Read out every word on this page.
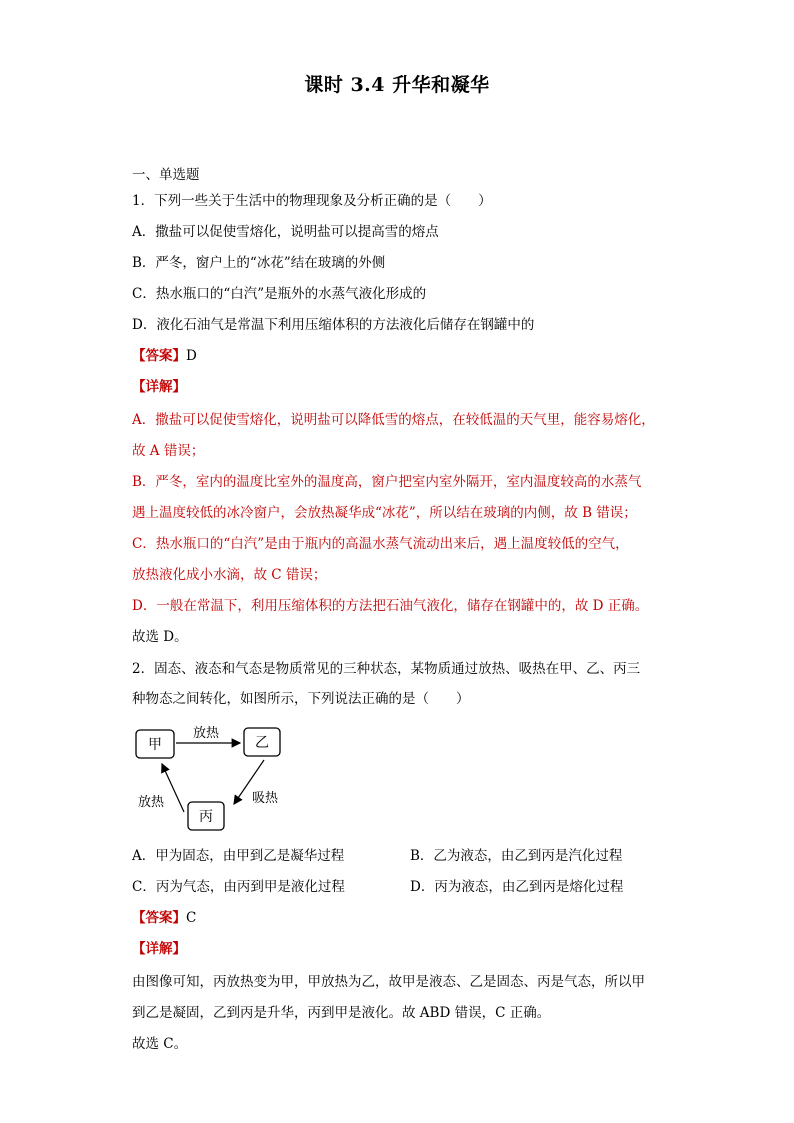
课时 3.4 升华和凝华
一、单选题
1．下列一些关于生活中的物理现象及分析正确的是（　　）
A．撒盐可以促使雪熔化，说明盐可以提高雪的熔点
B．严冬，窗户上的“冰花”结在玻璃的外侧
C．热水瓶口的“白汽”是瓶外的水蒸气液化形成的
D．液化石油气是常温下利用压缩体积的方法液化后储存在钢罐中的
【答案】D
【详解】
A．撒盐可以促使雪熔化，说明盐可以降低雪的熔点，在较低温的天气里，能容易熔化，
故 A 错误；
B．严冬，室内的温度比室外的温度高，窗户把室内室外隔开，室内温度较高的水蒸气
遇上温度较低的冰冷窗户，会放热凝华成“冰花”，所以结在玻璃的内侧，故 B 错误；
C．热水瓶口的“白汽”是由于瓶内的高温水蒸气流动出来后，遇上温度较低的空气，
放热液化成小水滴，故 C 错误；
D．一般在常温下，利用压缩体积的方法把石油气液化，储存在钢罐中的，故 D 正确。
故选 D。
2．固态、液态和气态是物质常见的三种状态，某物质通过放热、吸热在甲、乙、丙三
种物态之间转化，如图所示，下列说法正确的是（　　）
甲	乙
丙
放热
吸热
放热
A．甲为固态，由甲到乙是凝华过程	B．乙为液态，由乙到丙是汽化过程
C．丙为气态，由丙到甲是液化过程	D．丙为液态，由乙到丙是熔化过程
【答案】C
【详解】
由图像可知，丙放热变为甲，甲放热为乙，故甲是液态、乙是固态、丙是气态，所以甲
到乙是凝固，乙到丙是升华，丙到甲是液化。故 ABD 错误，C 正确。
故选 C。
